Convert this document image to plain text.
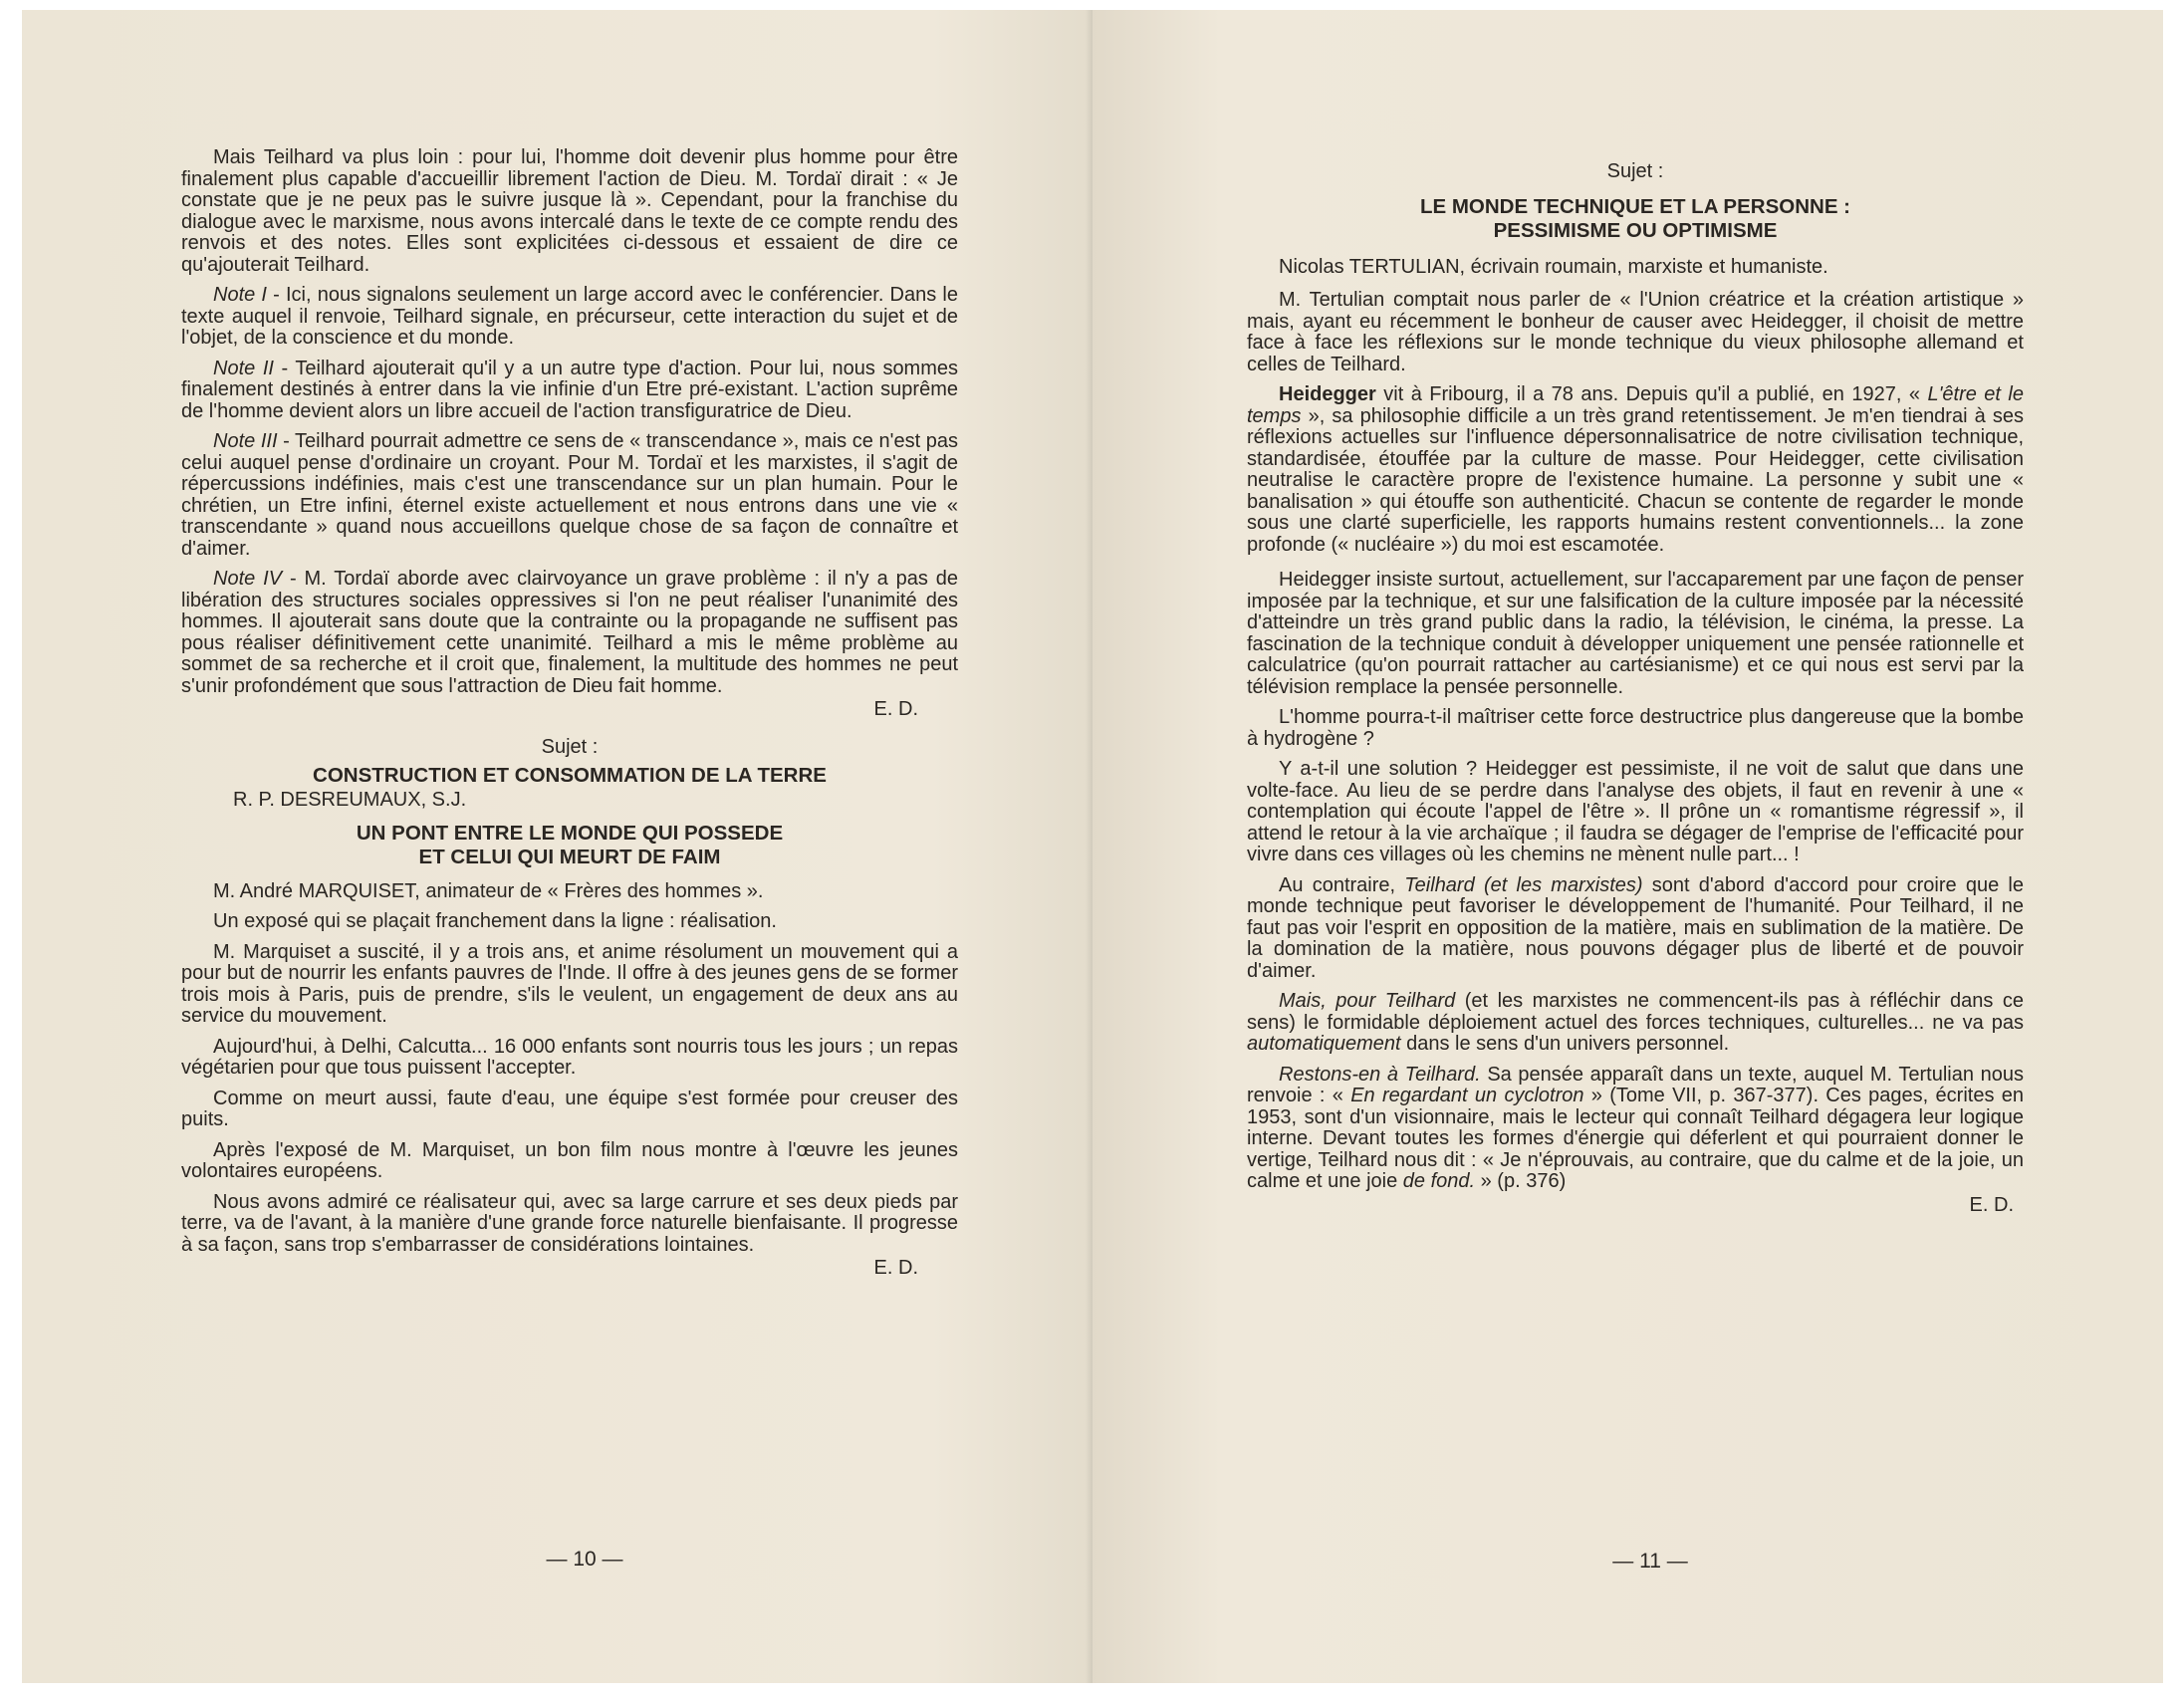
Mais Teilhard va plus loin : pour lui, l'homme doit devenir plus homme pour être finalement plus capable d'accueillir librement l'action de Dieu. M. Tordaï dirait : « Je constate que je ne peux pas le suivre jusque là ». Cependant, pour la franchise du dialogue avec le marxisme, nous avons intercalé dans le texte de ce compte rendu des renvois et des notes. Elles sont explicitées ci-dessous et essaient de dire ce qu'ajouterait Teilhard.

Note I - Ici, nous signalons seulement un large accord avec le conférencier. Dans le texte auquel il renvoie, Teilhard signale, en précurseur, cette interaction du sujet et de l'objet, de la conscience et du monde.

Note II - Teilhard ajouterait qu'il y a un autre type d'action. Pour lui, nous sommes finalement destinés à entrer dans la vie infinie d'un Etre pré-existant. L'action suprême de l'homme devient alors un libre accueil de l'action transfiguratrice de Dieu.

Note III - Teilhard pourrait admettre ce sens de « transcendance », mais ce n'est pas celui auquel pense d'ordinaire un croyant. Pour M. Tordaï et les marxistes, il s'agit de répercussions indéfinies, mais c'est une transcendance sur un plan humain. Pour le chrétien, un Etre infini, éternel existe actuellement et nous entrons dans une vie « transcendante » quand nous accueillons quelque chose de sa façon de connaître et d'aimer.

Note IV - M. Tordaï aborde avec clairvoyance un grave problème : il n'y a pas de libération des structures sociales oppressives si l'on ne peut réaliser l'unanimité des hommes. Il ajouterait sans doute que la contrainte ou la propagande ne suffisent pas pous réaliser définitivement cette unanimité. Teilhard a mis le même problème au sommet de sa recherche et il croit que, finalement, la multitude des hommes ne peut s'unir profondément que sous l'attraction de Dieu fait homme.

E. D.
Sujet :
CONSTRUCTION ET CONSOMMATION DE LA TERRE
R. P. DESREUMAUX, S.J.
UN PONT ENTRE LE MONDE QUI POSSEDE
ET CELUI QUI MEURT DE FAIM

M. André MARQUISET, animateur de « Frères des hommes ».

Un exposé qui se plaçait franchement dans la ligne : réalisation.

M. Marquiset a suscité, il y a trois ans, et anime résolument un mouvement qui a pour but de nourrir les enfants pauvres de l'Inde. Il offre à des jeunes gens de se former trois mois à Paris, puis de prendre, s'ils le veulent, un engagement de deux ans au service du mouvement.

Aujourd'hui, à Delhi, Calcutta... 16 000 enfants sont nourris tous les jours ; un repas végétarien pour que tous puissent l'accepter.

Comme on meurt aussi, faute d'eau, une équipe s'est formée pour creuser des puits.

Après l'exposé de M. Marquiset, un bon film nous montre à l'œuvre les jeunes volontaires européens.

Nous avons admiré ce réalisateur qui, avec sa large carrure et ses deux pieds par terre, va de l'avant, à la manière d'une grande force naturelle bienfaisante. Il progresse à sa façon, sans trop s'embarrasser de considérations lointaines.

E. D.
— 10 —
Sujet :
LE MONDE TECHNIQUE ET LA PERSONNE :
PESSIMISME OU OPTIMISME

Nicolas TERTULIAN, écrivain roumain, marxiste et humaniste.

M. Tertulian comptait nous parler de « l'Union créatrice et la création artistique » mais, ayant eu récemment le bonheur de causer avec Heidegger, il choisit de mettre face à face les réflexions sur le monde technique du vieux philosophe allemand et celles de Teilhard.

Heidegger vit à Fribourg, il a 78 ans. Depuis qu'il a publié, en 1927, « L'être et le temps », sa philosophie difficile a un très grand retentissement. Je m'en tiendrai à ses réflexions actuelles sur l'influence dépersonnalisatrice de notre civilisation technique, standardisée, étouffée par la culture de masse. Pour Heidegger, cette civilisation neutralise le caractère propre de l'existence humaine. La personne y subit une « banalisation » qui étouffe son authenticité. Chacun se contente de regarder le monde sous une clarté superficielle, les rapports humains restent conventionnels... la zone profonde (« nucléaire ») du moi est escamotée.

Heidegger insiste surtout, actuellement, sur l'accaparement par une façon de penser imposée par la technique, et sur une falsification de la culture imposée par la nécessité d'atteindre un très grand public dans la radio, la télévision, le cinéma, la presse. La fascination de la technique conduit à développer uniquement une pensée rationnelle et calculatrice (qu'on pourrait rattacher au cartésianisme) et ce qui nous est servi par la télévision remplace la pensée personnelle.

L'homme pourra-t-il maîtriser cette force destructrice plus dangereuse que la bombe à hydrogène ?

Y a-t-il une solution ? Heidegger est pessimiste, il ne voit de salut que dans une volte-face. Au lieu de se perdre dans l'analyse des objets, il faut en revenir à une « contemplation qui écoute l'appel de l'être ». Il prône un « romantisme régressif », il attend le retour à la vie archaïque ; il faudra se dégager de l'emprise de l'efficacité pour vivre dans ces villages où les chemins ne mènent nulle part... !

Au contraire, Teilhard (et les marxistes) sont d'abord d'accord pour croire que le monde technique peut favoriser le développement de l'humanité. Pour Teilhard, il ne faut pas voir l'esprit en opposition de la matière, mais en sublimation de la matière. De la domination de la matière, nous pouvons dégager plus de liberté et de pouvoir d'aimer.

Mais, pour Teilhard (et les marxistes ne commencent-ils pas à réfléchir dans ce sens) le formidable déploiement actuel des forces techniques, culturelles... ne va pas automatiquement dans le sens d'un univers personnel.

Restons-en à Teilhard. Sa pensée apparaît dans un texte, auquel M. Tertulian nous renvoie : « En regardant un cyclotron » (Tome VII, p. 367-377). Ces pages, écrites en 1953, sont d'un visionnaire, mais le lecteur qui connaît Teilhard dégagera leur logique interne. Devant toutes les formes d'énergie qui déferlent et qui pourraient donner le vertige, Teilhard nous dit : « Je n'éprouvais, au contraire, que du calme et de la joie, un calme et une joie de fond. » (p. 376)

E. D.
— 11 —
